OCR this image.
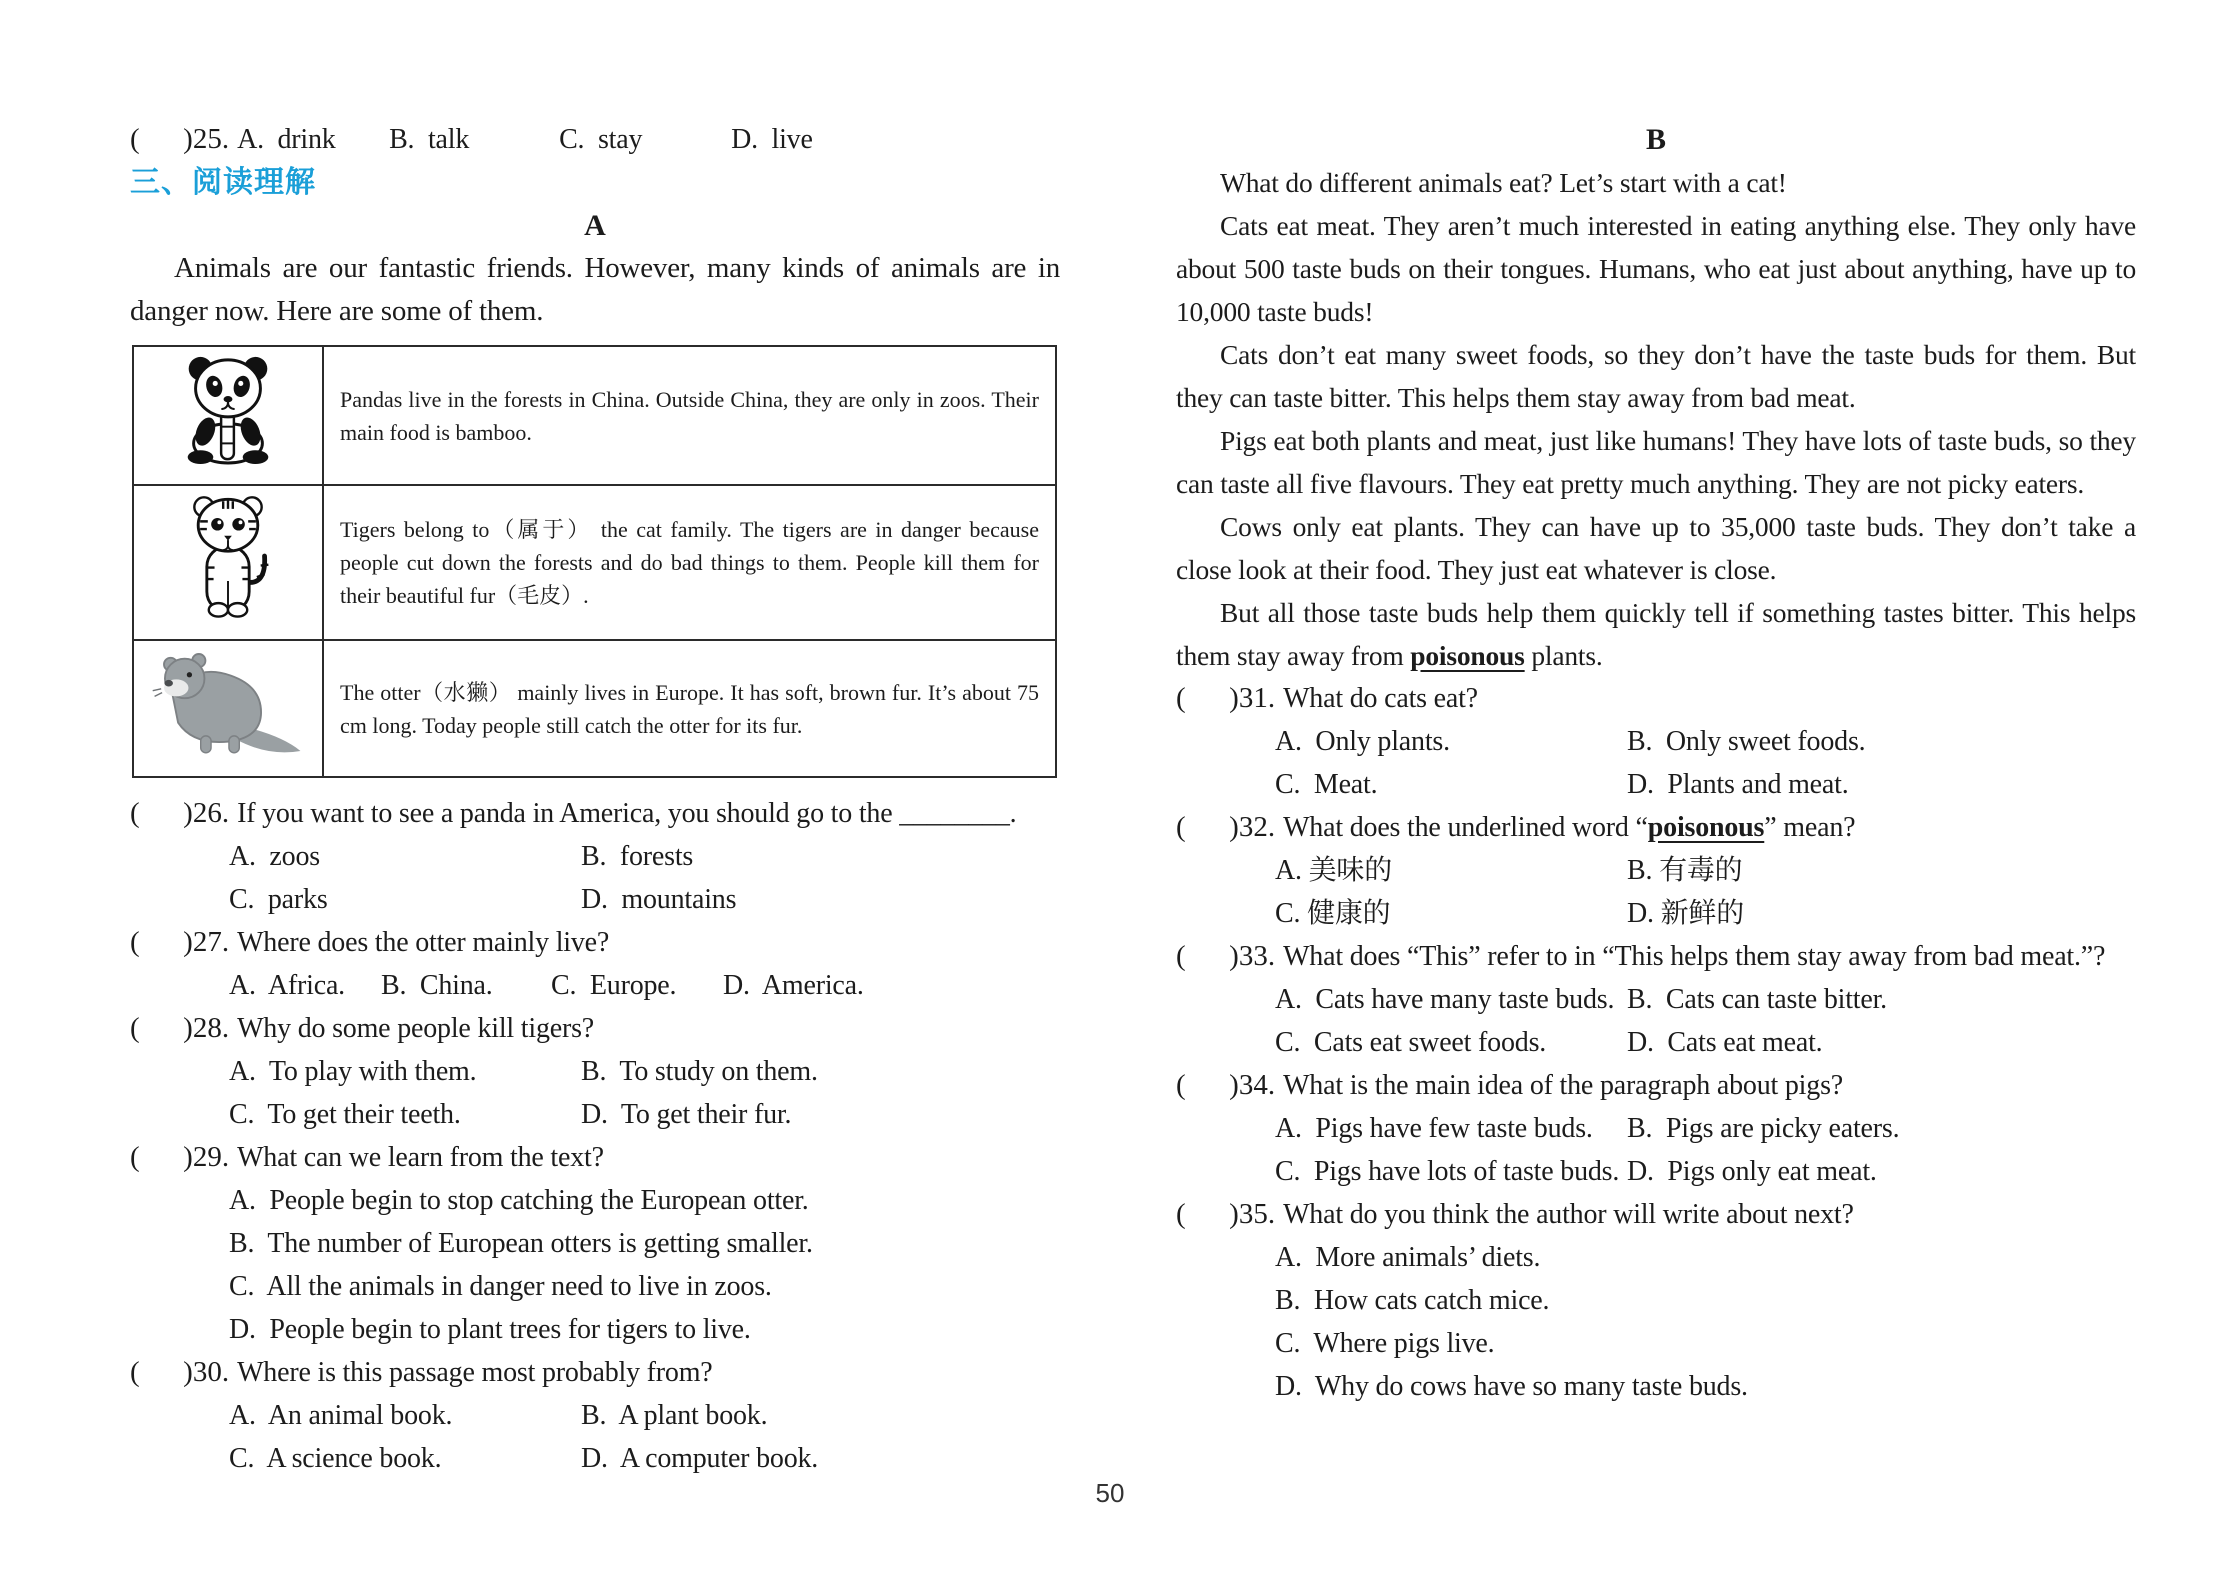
(      )25. A.  drink	B.  talk	C.  stay	D.  live
三、阅读理解
A
Animals are our fantastic friends. However, many kinds of animals are in danger now. Here are some of them.
	Pandas live in the forests in China. Outside China, they are only in zoos. Their main food is bamboo.
	Tigers belong to（属于） the cat family. The tigers are in danger because people cut down the forests and do bad things to them. People kill them for their beautiful fur（毛皮）.
	The otter（水獭） mainly lives in Europe. It has soft, brown fur. It’s about 75 cm long. Today people still catch the otter for its fur.
(      )26. If you want to see a panda in America, you should go to the ________.
A.  zoos	B.  forests
C.  parks	D.  mountains
(      )27. Where does the otter mainly live?
A.  Africa.	B.  China.	C.  Europe.	D.  America.
(      )28. Why do some people kill tigers?
A.  To play with them.	B.  To study on them.
C.  To get their teeth.	D.  To get their fur.
(      )29. What can we learn from the text?
A.  People begin to stop catching the European otter.
B.  The number of European otters is getting smaller.
C.  All the animals in danger need to live in zoos.
D.  People begin to plant trees for tigers to live.
(      )30. Where is this passage most probably from?
A.  An animal book.	B.  A plant book.
C.  A science book.	D.  A computer book.
B
What do different animals eat? Let’s start with a cat!
Cats eat meat. They aren’t much interested in eating anything else. They only have about 500 taste buds on their tongues. Humans, who eat just about anything, have up to 10,000 taste buds!
Cats don’t eat many sweet foods, so they don’t have the taste buds for them. But they can taste bitter. This helps them stay away from bad meat.
Pigs eat both plants and meat, just like humans! They have lots of taste buds, so they can taste all five flavours. They eat pretty much anything. They are not picky eaters.
Cows only eat plants. They can have up to 35,000 taste buds. They don’t take a close look at their food. They just eat whatever is close.
But all those taste buds help them quickly tell if something tastes bitter. This helps them stay away from poisonous plants.
(      )31. What do cats eat?
A.  Only plants.	B.  Only sweet foods.
C.  Meat.	D.  Plants and meat.
(      )32. What does the underlined word “poisonous” mean?
A. 美味的	B. 有毒的
C. 健康的	D. 新鲜的
(      )33. What does “This” refer to in “This helps them stay away from bad meat.”?
A.  Cats have many taste buds. B.  Cats can taste bitter.
C.  Cats eat sweet foods.	D.  Cats eat meat.
(      )34. What is the main idea of the paragraph about pigs?
A.  Pigs have few taste buds.	B.  Pigs are picky eaters.
C.  Pigs have lots of taste buds. D.  Pigs only eat meat.
(      )35. What do you think the author will write about next?
A.  More animals’ diets.
B.  How cats catch mice.
C.  Where pigs live.
D.  Why do cows have so many taste buds.
50
